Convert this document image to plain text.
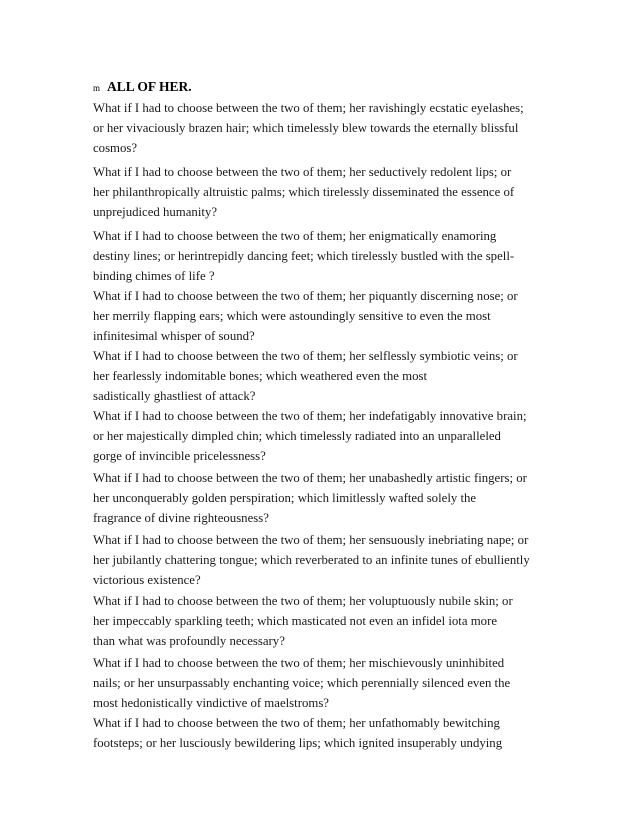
m ALL OF HER.

What if I had to choose between the two of them; her ravishingly ecstatic eyelashes;
or her vivaciously brazen hair; which timelessly blew towards the eternally blissful
cosmos?

What if I had to choose between the two of them; her seductively redolent lips; or
her philanthropically altruistic palms; which tirelessly disseminated the essence of
unprejudiced humanity?

What if I had to choose between the two of them; her enigmatically enamoring
destiny lines; or herintrepidly dancing feet; which tirelessly bustled with the spell-
binding chimes of life ?

What if I had to choose between the two of them; her piquantly discerning nose; or
her merrily flapping ears; which were astoundingly sensitive to even the most
infinitesimal whisper of sound?

What if I had to choose between the two of them; her selflessly symbiotic veins; or
her fearlessly indomitable bones; which weathered even the most
sadistically ghastliest of attack?

What if I had to choose between the two of them; her indefatigably innovative brain;
or her majestically dimpled chin; which timelessly radiated into an unparalleled
gorge of invincible pricelessness?

What if I had to choose between the two of them; her unabashedly artistic fingers; or
her unconquerably golden perspiration; which limitlessly wafted solely the
fragrance of divine righteousness?

What if I had to choose between the two of them; her sensuously inebriating nape; or
her jubilantly chattering tongue; which reverberated to an infinite tunes of ebulliently
victorious existence?

What if I had to choose between the two of them; her voluptuously nubile skin; or
her impeccably sparkling teeth; which masticated not even an infidel iota more
than what was profoundly necessary?

What if I had to choose between the two of them; her mischievously uninhibited
nails; or her unsurpassably enchanting voice; which perennially silenced even the
most hedonistically vindictive of maelstroms?

What if I had to choose between the two of them; her unfathomably bewitching
footsteps; or her lusciously bewildering lips; which ignited insuperably undying
